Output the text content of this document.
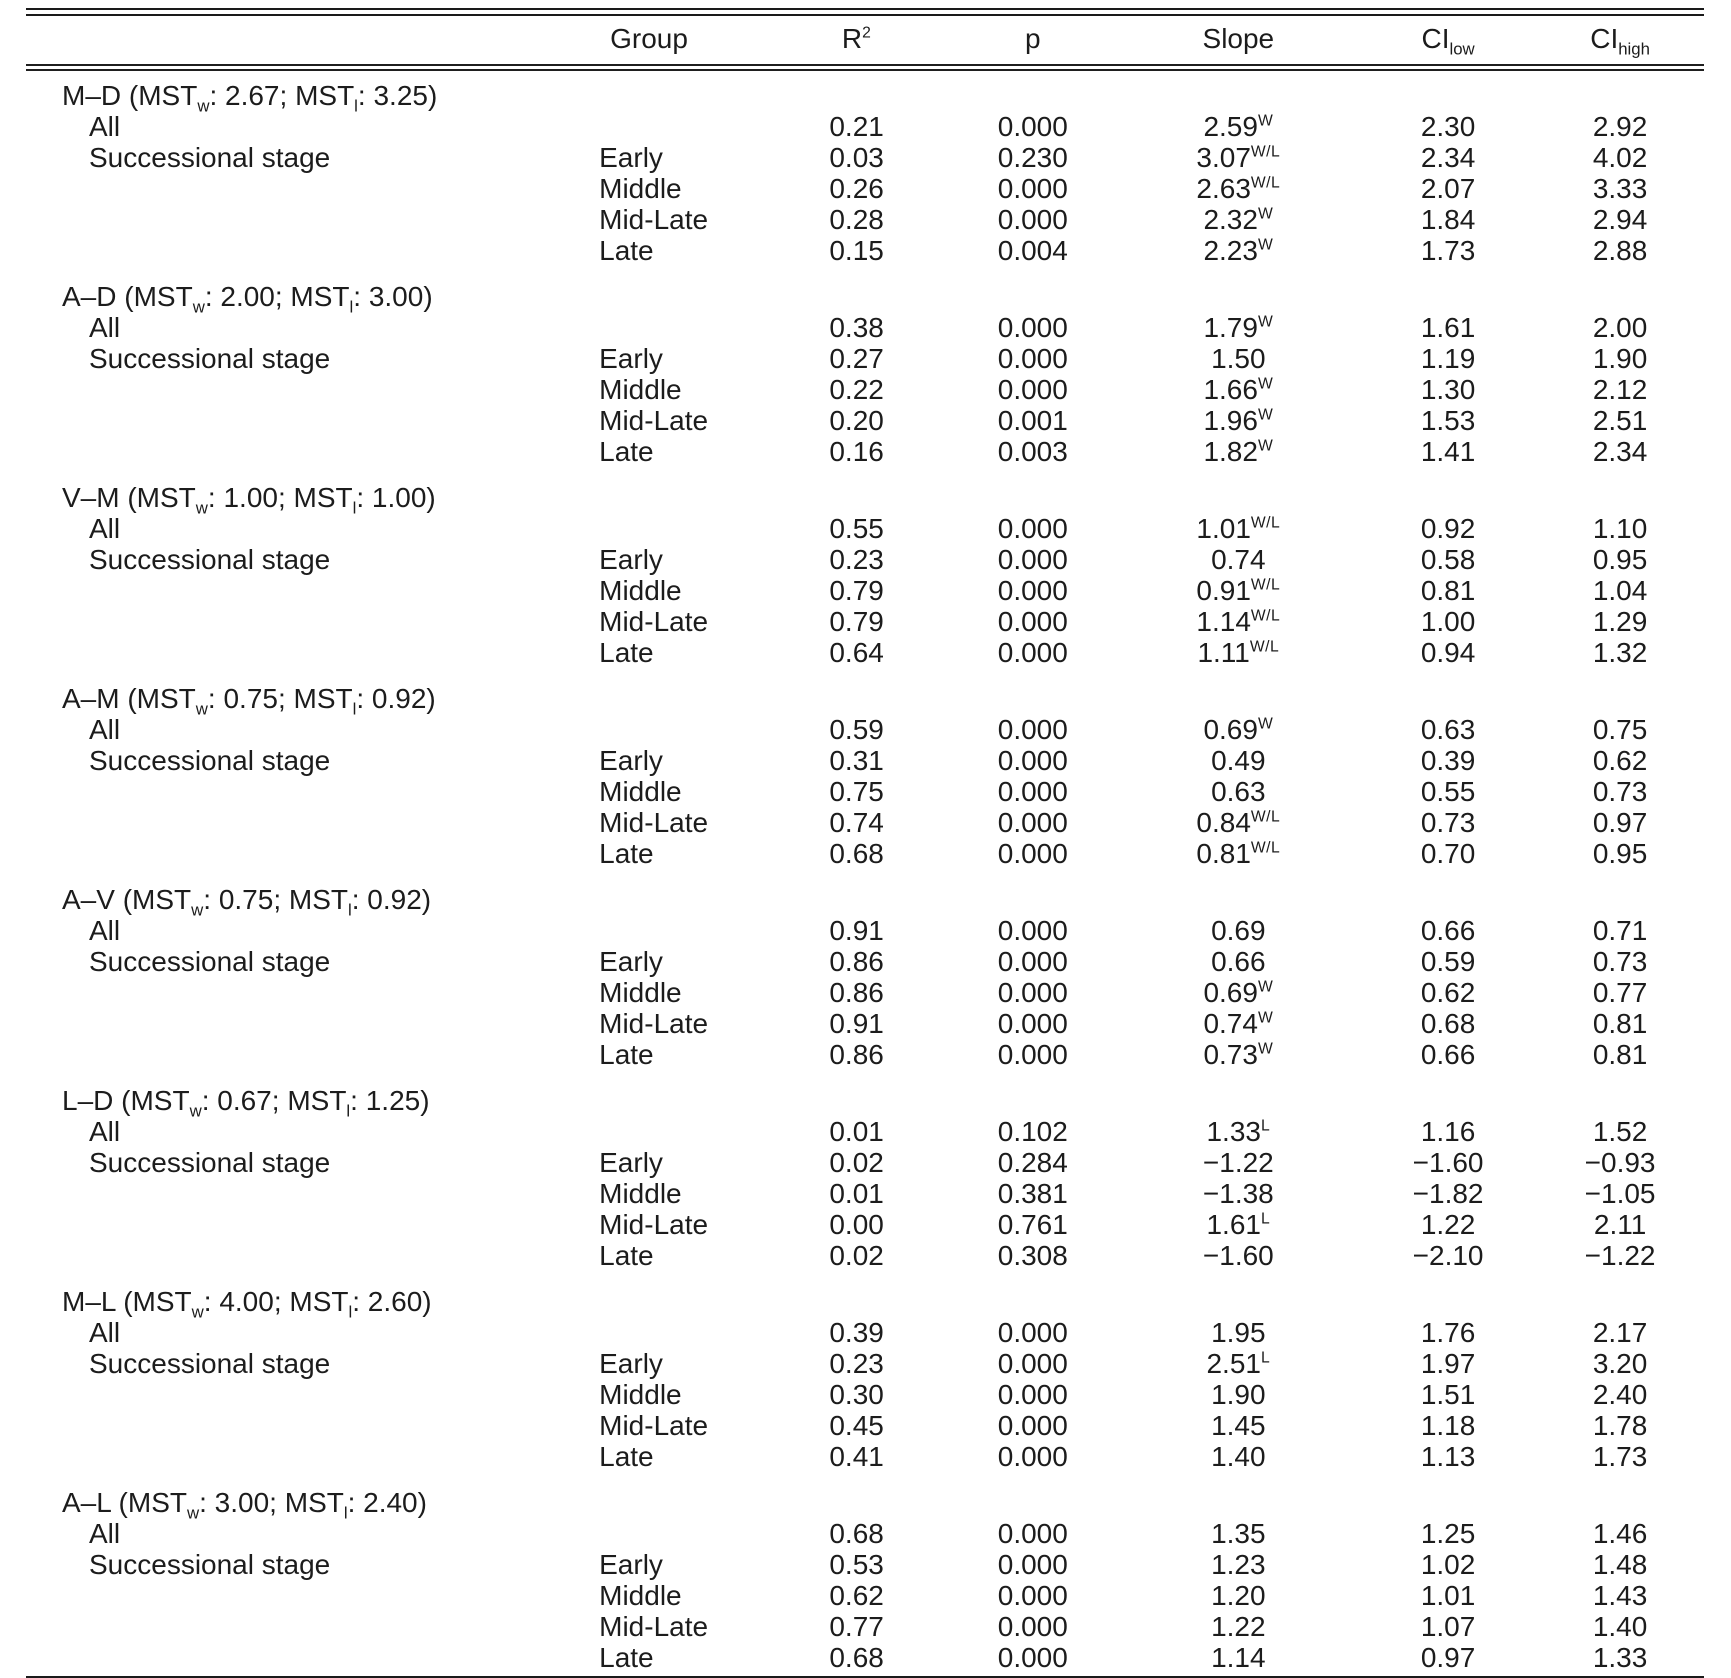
	Group	$R^2$	p	Slope	$CI_{low}$	$CI_{high}$
M–D ($MST_w$: 2.67; $MST_l$: 3.25)						
All		0.21	0.000	$2.59^W$	2.30	2.92
Successional stage	Early	0.03	0.230	$3.07^{W/L}$	2.34	4.02
	Middle	0.26	0.000	$2.63^{W/L}$	2.07	3.33
	Mid-Late	0.28	0.000	$2.32^W$	1.84	2.94
	Late	0.15	0.004	$2.23^W$	1.73	2.88
A–D ($MST_w$: 2.00; $MST_l$: 3.00)						
All		0.38	0.000	$1.79^W$	1.61	2.00
Successional stage	Early	0.27	0.000	1.50	1.19	1.90
	Middle	0.22	0.000	$1.66^W$	1.30	2.12
	Mid-Late	0.20	0.001	$1.96^W$	1.53	2.51
	Late	0.16	0.003	$1.82^W$	1.41	2.34
V–M ($MST_w$: 1.00; $MST_l$: 1.00)						
All		0.55	0.000	$1.01^{W/L}$	0.92	1.10
Successional stage	Early	0.23	0.000	0.74	0.58	0.95
	Middle	0.79	0.000	$0.91^{W/L}$	0.81	1.04
	Mid-Late	0.79	0.000	$1.14^{W/L}$	1.00	1.29
	Late	0.64	0.000	$1.11^{W/L}$	0.94	1.32
A–M ($MST_w$: 0.75; $MST_l$: 0.92)						
All		0.59	0.000	$0.69^W$	0.63	0.75
Successional stage	Early	0.31	0.000	0.49	0.39	0.62
	Middle	0.75	0.000	0.63	0.55	0.73
	Mid-Late	0.74	0.000	$0.84^{W/L}$	0.73	0.97
	Late	0.68	0.000	$0.81^{W/L}$	0.70	0.95
A–V ($MST_w$: 0.75; $MST_l$: 0.92)						
All		0.91	0.000	0.69	0.66	0.71
Successional stage	Early	0.86	0.000	0.66	0.59	0.73
	Middle	0.86	0.000	$0.69^W$	0.62	0.77
	Mid-Late	0.91	0.000	$0.74^W$	0.68	0.81
	Late	0.86	0.000	$0.73^W$	0.66	0.81
L–D ($MST_w$: 0.67; $MST_l$: 1.25)						
All		0.01	0.102	$1.33^L$	1.16	1.52
Successional stage	Early	0.02	0.284	−1.22	−1.60	−0.93
	Middle	0.01	0.381	−1.38	−1.82	−1.05
	Mid-Late	0.00	0.761	$1.61^L$	1.22	2.11
	Late	0.02	0.308	−1.60	−2.10	−1.22
M–L ($MST_w$: 4.00; $MST_l$: 2.60)						
All		0.39	0.000	1.95	1.76	2.17
Successional stage	Early	0.23	0.000	$2.51^L$	1.97	3.20
	Middle	0.30	0.000	1.90	1.51	2.40
	Mid-Late	0.45	0.000	1.45	1.18	1.78
	Late	0.41	0.000	1.40	1.13	1.73
A–L ($MST_w$: 3.00; $MST_l$: 2.40)						
All		0.68	0.000	1.35	1.25	1.46
Successional stage	Early	0.53	0.000	1.23	1.02	1.48
	Middle	0.62	0.000	1.20	1.01	1.43
	Mid-Late	0.77	0.000	1.22	1.07	1.40
	Late	0.68	0.000	1.14	0.97	1.33
